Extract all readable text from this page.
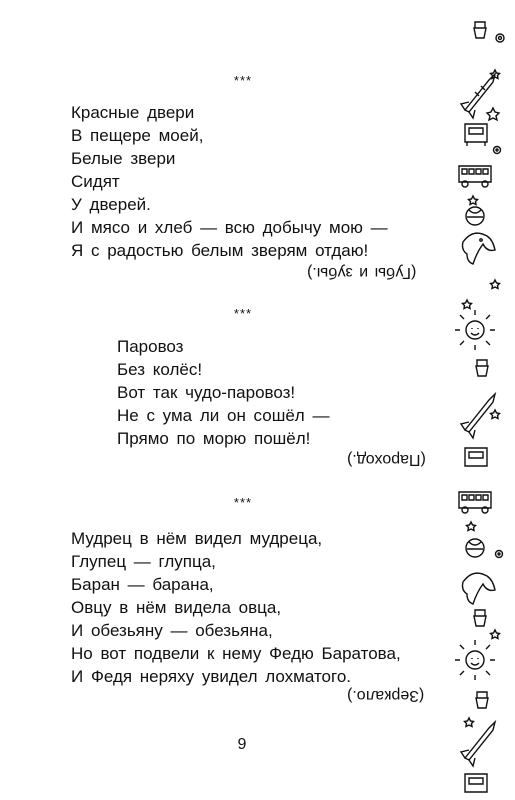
***
Красные двери
В пещере моей,
Белые звери
Сидят
У дверей.
И мясо и хлеб — всю добычу мою —
Я с радостью белым зверям отдаю!
(Губы и зубы.)
***
Паровоз
Без колёс!
Вот так чудо-паровоз!
Не с ума ли он сошёл —
Прямо по морю пошёл!
(Пароход.)
***
Мудрец в нём видел мудреца,
Глупец — глупца,
Баран — барана,
Овцу в нём видела овца,
И обезьяну — обезьяна,
Но вот подвели к нему Федю Баратова,
И Федя неряху увидел лохматого.
(Зеркало.)
9
